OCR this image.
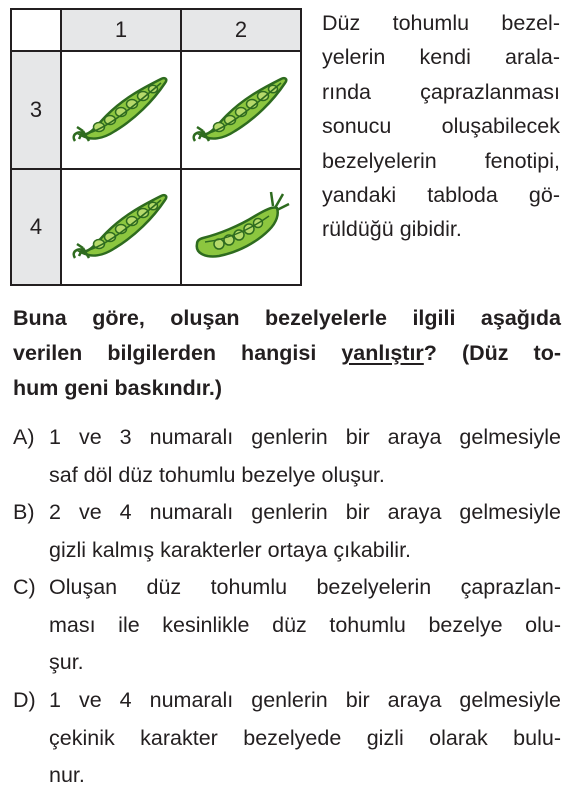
1	2
3
4
Düz tohumlu bezel-
yelerin kendi arala-
rında çaprazlanması
sonucu oluşabilecek
bezelyelerin fenotipi,
yandaki tabloda gö-
rüldüğü gibidir.
Buna göre, oluşan bezelyelerle ilgili aşağıda
verilen bilgilerden hangisi yanlıştır? (Düz to-
hum geni baskındır.)
A) 1 ve 3 numaralı genlerin bir araya gelmesiyle
saf döl düz tohumlu bezelye oluşur.
B) 2 ve 4 numaralı genlerin bir araya gelmesiyle
gizli kalmış karakterler ortaya çıkabilir.
C) Oluşan düz tohumlu bezelyelerin çaprazlan-
ması ile kesinlikle düz tohumlu bezelye olu-
şur.
D) 1 ve 4 numaralı genlerin bir araya gelmesiyle
çekinik karakter bezelyede gizli olarak bulu-
nur.
